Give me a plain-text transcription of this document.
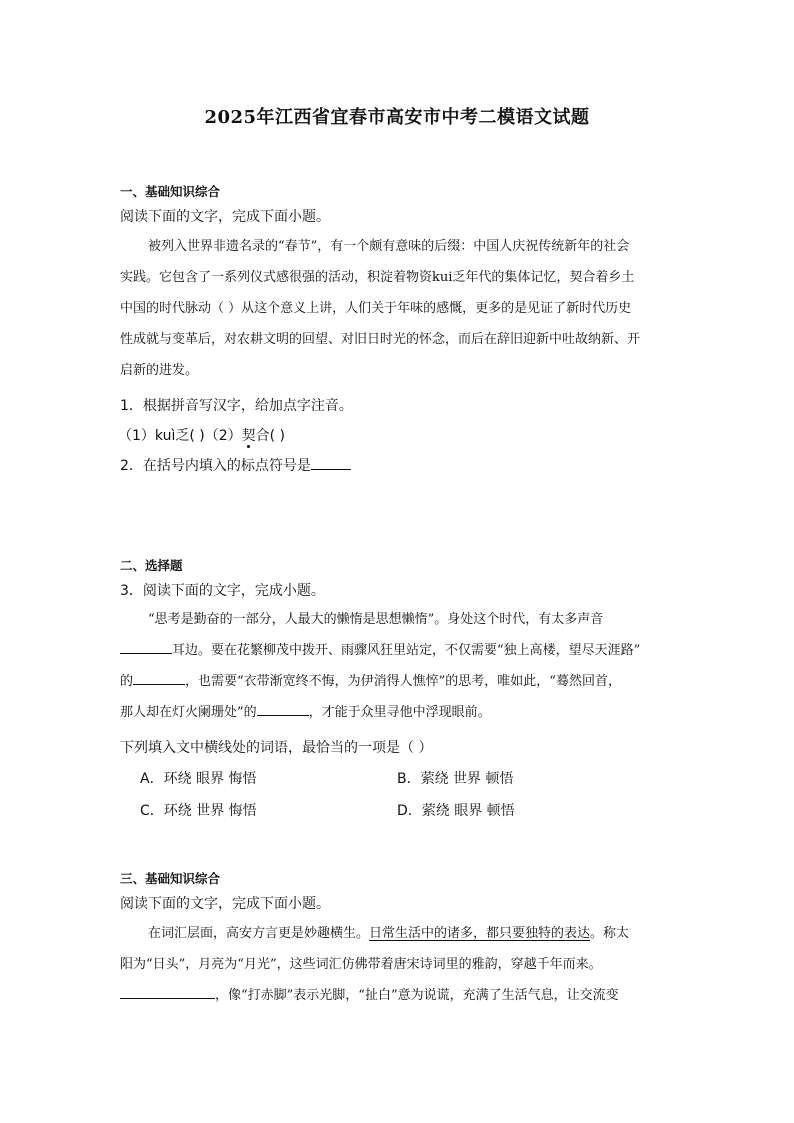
2025年江西省宜春市高安市中考二模语文试题
一、基础知识综合
阅读下面的文字，完成下面小题。
被列入世界非遗名录的“春节”，有一个颇有意味的后缀：中国人庆祝传统新年的社会
实践。它包含了一系列仪式感很强的活动，积淀着物资kui乏年代的集体记忆，契合着乡土
中国的时代脉动（ ）从这个意义上讲，人们关于年味的感慨，更多的是见证了新时代历史
性成就与变革后，对农耕文明的回望、对旧日时光的怀念，而后在辞旧迎新中吐故纳新、开
启新的进发。
1．根据拼音写汉字，给加点字注音。
（1）kuì乏( )（2）契合( )
2．在括号内填入的标点符号是
二、选择题
3．阅读下面的文字，完成小题。
“思考是勤奋的一部分，人最大的懒惰是思想懒惰”。身处这个时代，有太多声音
耳边。要在花繁柳茂中拨开、雨骤风狂里站定，不仅需要“独上高楼，望尽天涯路”
的	，也需要“衣带渐宽终不悔，为伊消得人憔悴”的思考，唯如此，“蓦然回首，
那人却在灯火阑珊处”的	，才能于众里寻他中浮现眼前。
下列填入文中横线处的词语，最恰当的一项是（ ）
A．环绕 眼界 悔悟	B．萦绕 世界 顿悟
C．环绕 世界 悔悟	D．萦绕 眼界 顿悟
三、基础知识综合
阅读下面的文字，完成下面小题。
在词汇层面，高安方言更是妙趣横生。日常生活中的诸多，都只要独特的表达。称太
阳为“日头”，月亮为“月光”，这些词汇仿佛带着唐宋诗词里的雅韵，穿越千年而来。
，像“打赤脚”表示光脚，“扯白”意为说谎，充满了生活气息，让交流变
